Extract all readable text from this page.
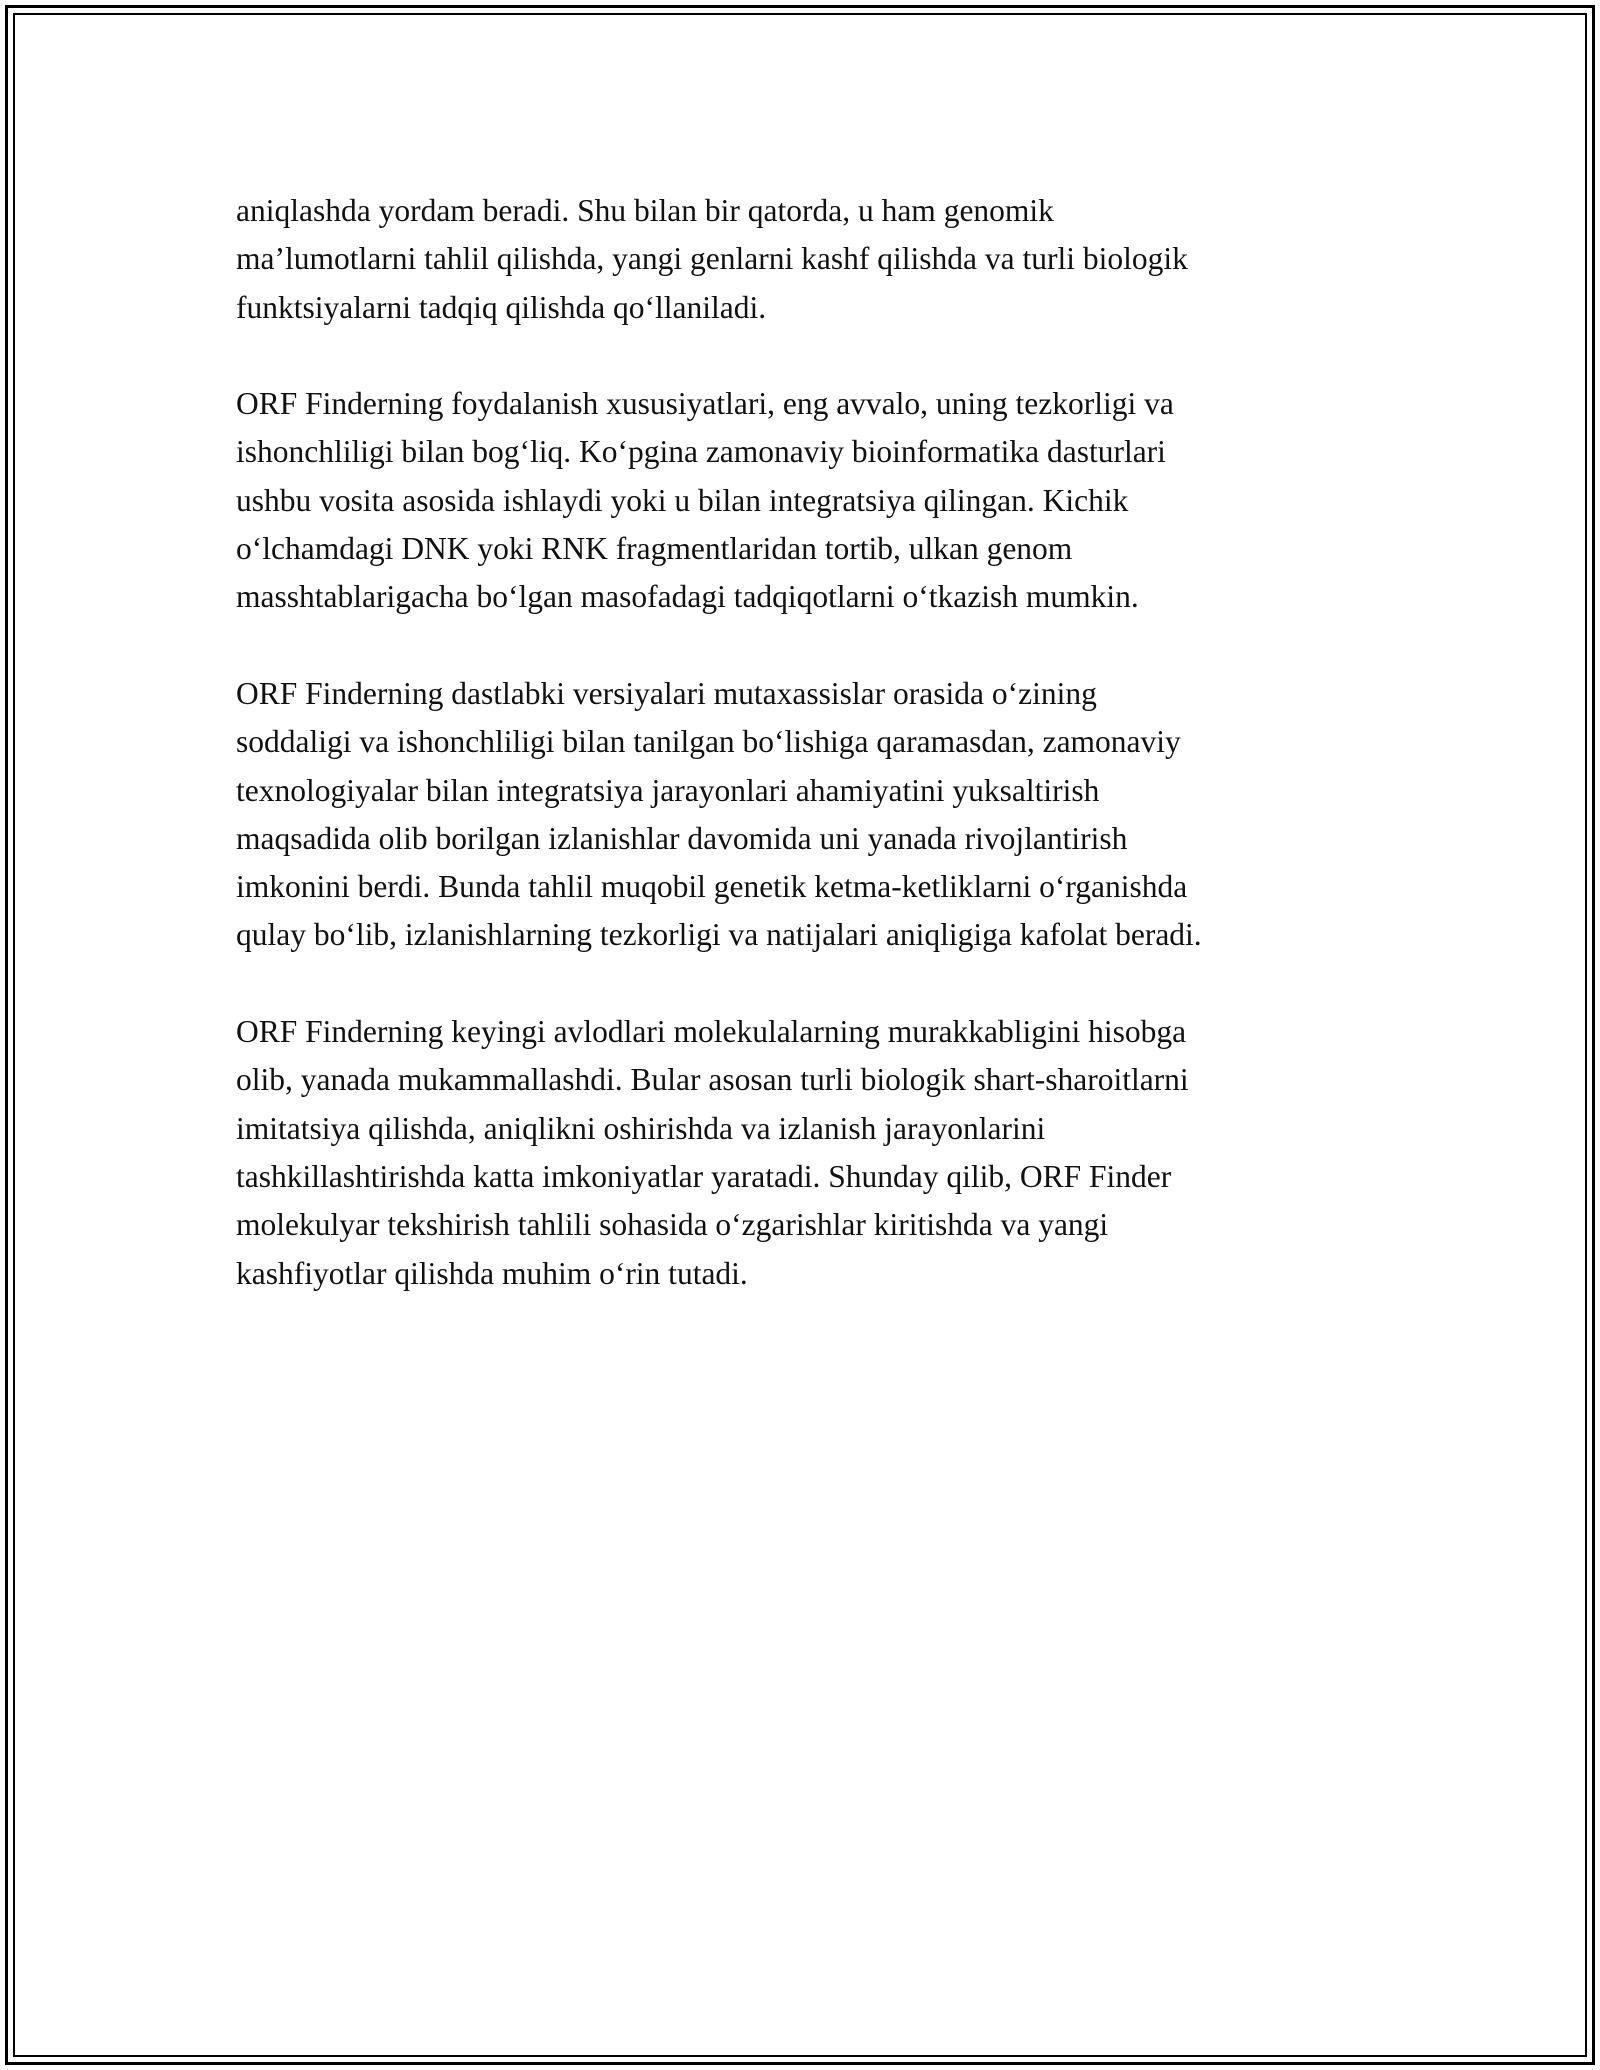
aniqlashda yordam beradi. Shu bilan bir qatorda, u ham genomik
ma’lumotlarni tahlil qilishda, yangi genlarni kashf qilishda va turli biologik
funktsiyalarni tadqiq qilishda qo‘llaniladi.

ORF Finderning foydalanish xususiyatlari, eng avvalo, uning tezkorligi va
ishonchliligi bilan bog‘liq. Ko‘pgina zamonaviy bioinformatika dasturlari
ushbu vosita asosida ishlaydi yoki u bilan integratsiya qilingan. Kichik
o‘lchamdagi DNK yoki RNK fragmentlaridan tortib, ulkan genom
masshtablarigacha bo‘lgan masofadagi tadqiqotlarni o‘tkazish mumkin.

ORF Finderning dastlabki versiyalari mutaxassislar orasida o‘zining
soddaligi va ishonchliligi bilan tanilgan bo‘lishiga qaramasdan, zamonaviy
texnologiyalar bilan integratsiya jarayonlari ahamiyatini yuksaltirish
maqsadida olib borilgan izlanishlar davomida uni yanada rivojlantirish
imkonini berdi. Bunda tahlil muqobil genetik ketma-ketliklarni o‘rganishda
qulay bo‘lib, izlanishlarning tezkorligi va natijalari aniqligiga kafolat beradi.

ORF Finderning keyingi avlodlari molekulalarning murakkabligini hisobga
olib, yanada mukammallashdi. Bular asosan turli biologik shart-sharoitlarni
imitatsiya qilishda, aniqlikni oshirishda va izlanish jarayonlarini
tashkillashtirishda katta imkoniyatlar yaratadi. Shunday qilib, ORF Finder
molekulyar tekshirish tahlili sohasida o‘zgarishlar kiritishda va yangi
kashfiyotlar qilishda muhim o‘rin tutadi.
